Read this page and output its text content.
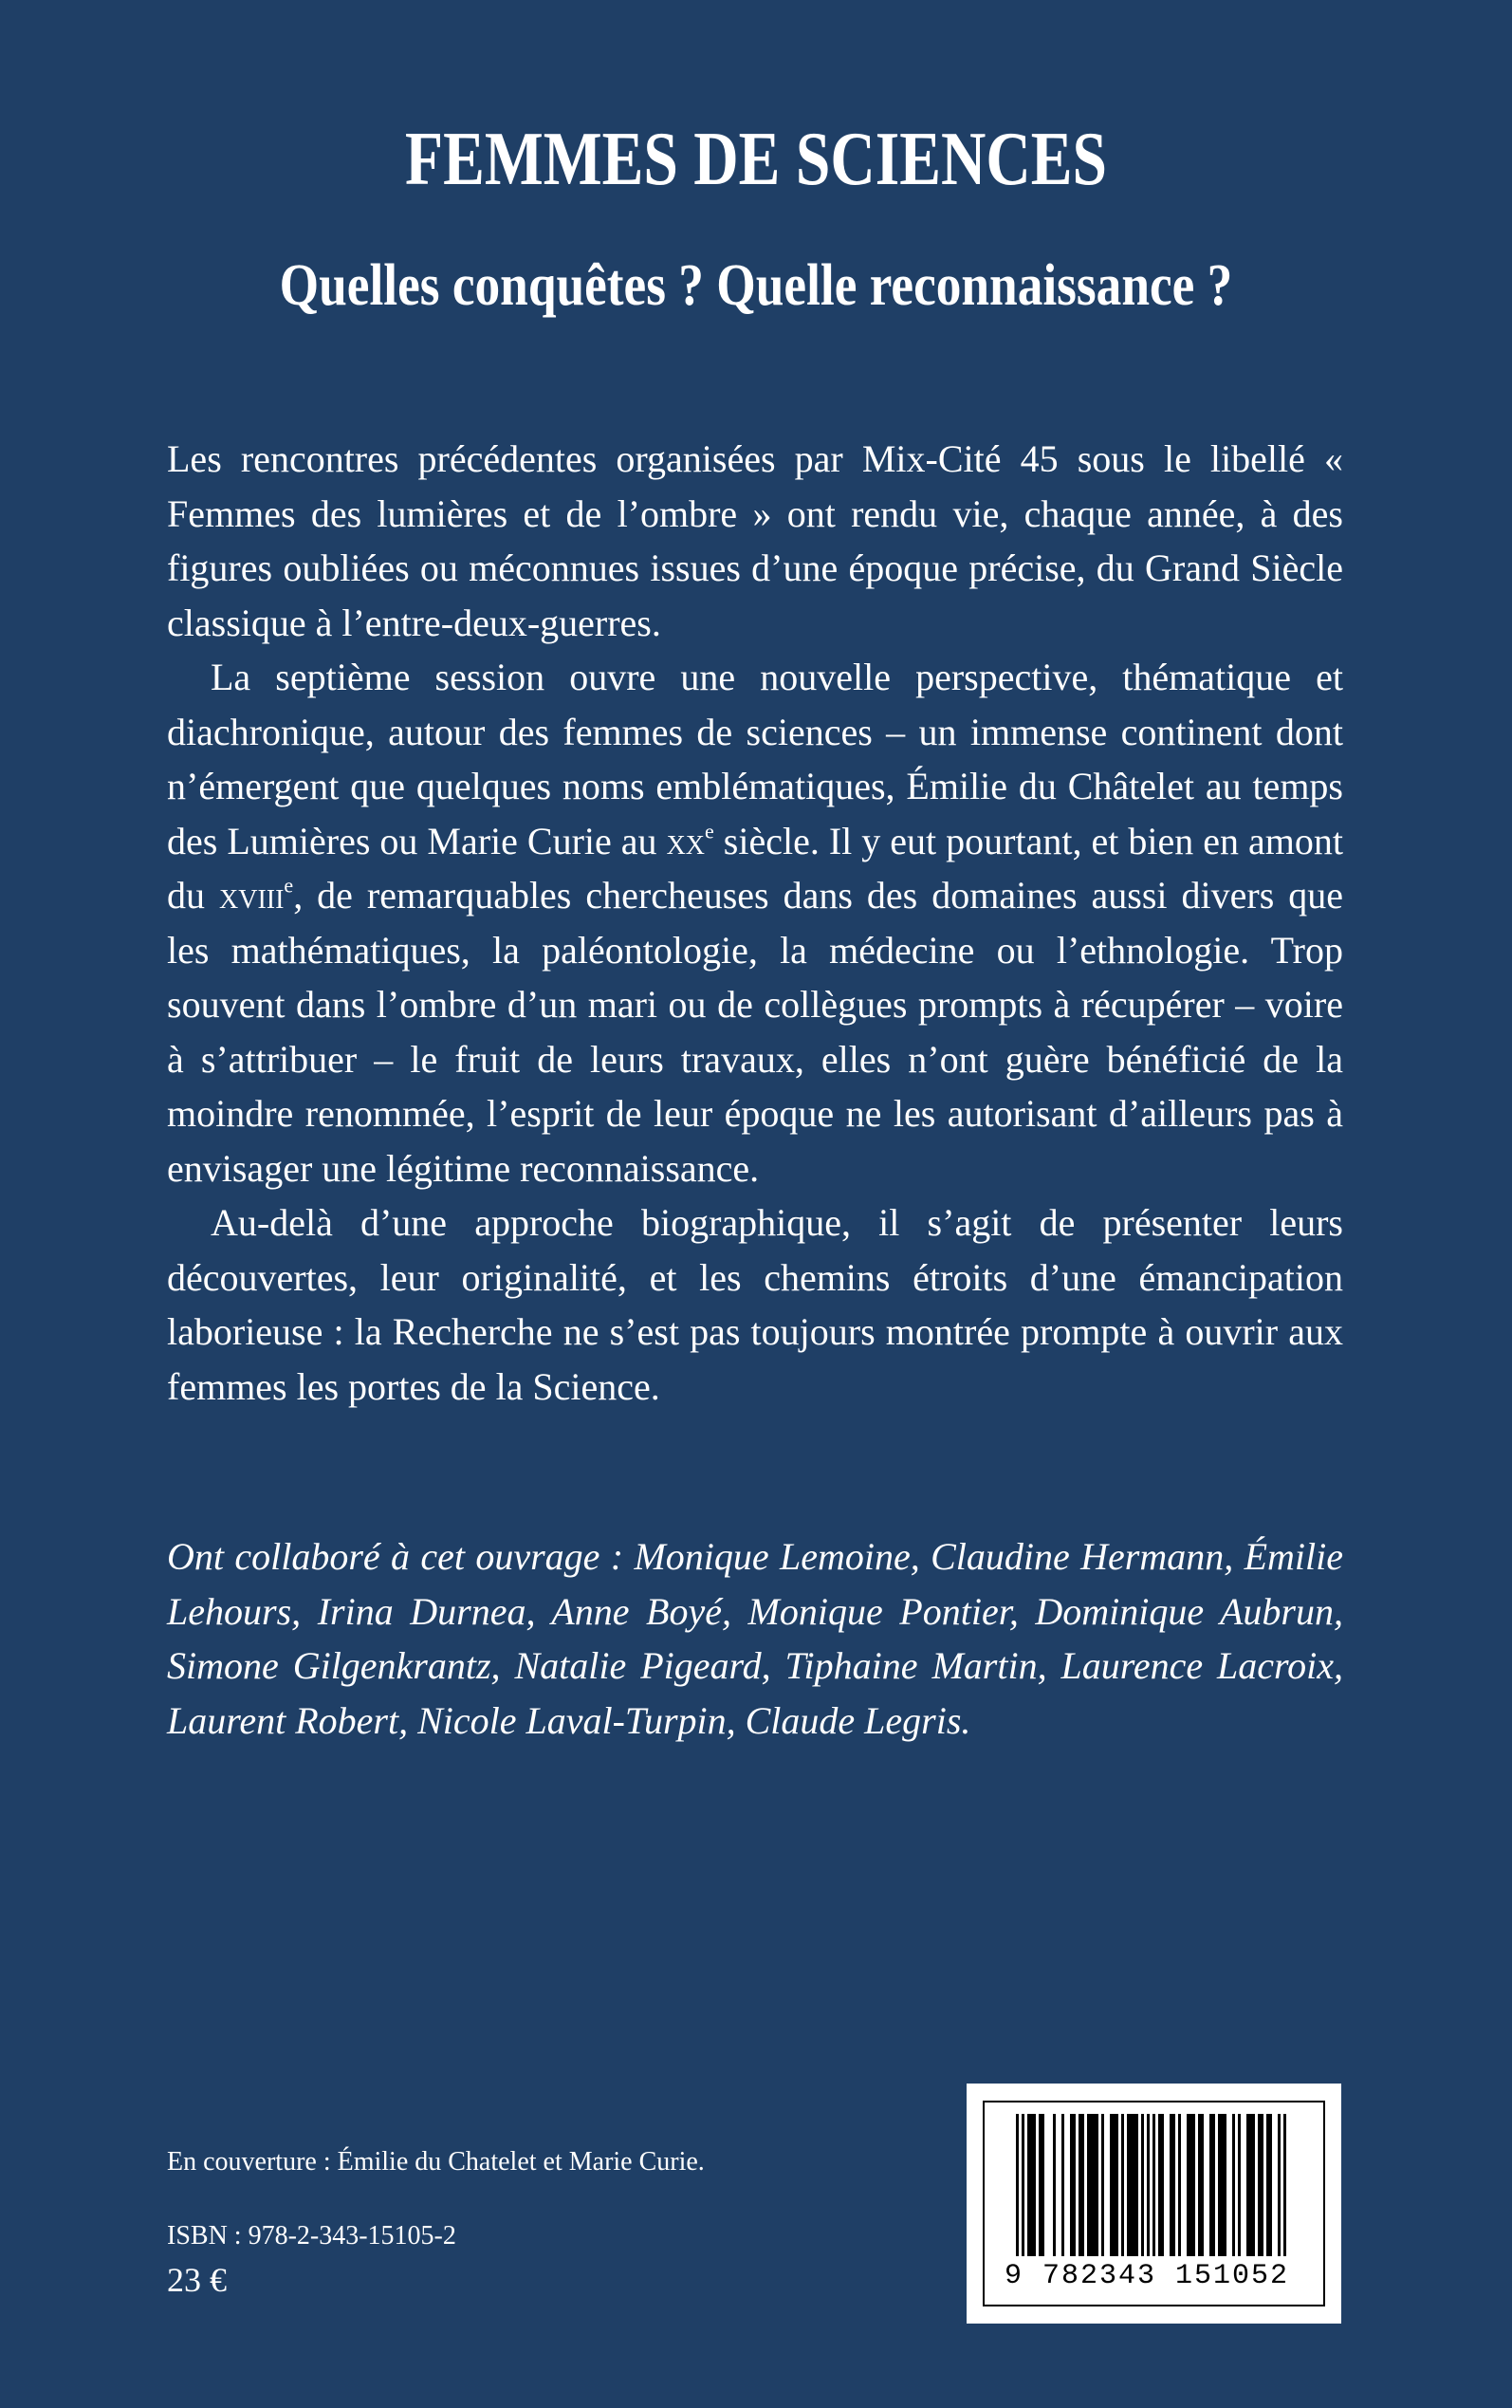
FEMMES DE SCIENCES
Quelles conquêtes ? Quelle reconnaissance ?

Les rencontres précédentes organisées par Mix-Cité 45 sous le libellé « Femmes des lumières et de l’ombre » ont rendu vie, chaque année, à des figures oubliées ou méconnues issues d’une époque précise, du Grand Siècle classique à l’entre-deux-guerres.

La septième session ouvre une nouvelle perspective, thématique et diachronique, autour des femmes de sciences – un immense continent dont n’émergent que quelques noms emblématiques, Émilie du Châtelet au temps des Lumières ou Marie Curie au $xx^e$ siècle. Il y eut pourtant, et bien en amont du xviii$^e$, de remarquables chercheuses dans des domaines aussi divers que les mathématiques, la paléontologie, la médecine ou l’ethnologie. Trop souvent dans l’ombre d’un mari ou de collègues prompts à récupérer – voire à s’attribuer – le fruit de leurs travaux, elles n’ont guère bénéficié de la moindre renommée, l’esprit de leur époque ne les autorisant d’ailleurs pas à envisager une légitime reconnaissance.

Au-delà d’une approche biographique, il s’agit de présenter leurs découvertes, leur originalité, et les chemins étroits d’une émancipation laborieuse : la Recherche ne s’est pas toujours montrée prompte à ouvrir aux femmes les portes de la Science.

Ont collaboré à cet ouvrage : Monique Lemoine, Claudine Hermann, Émilie Lehours, Irina Durnea, Anne Boyé, Monique Pontier, Dominique Aubrun, Simone Gilgenkrantz, Natalie Pigeard, Tiphaine Martin, Laurence Lacroix, Laurent Robert, Nicole Laval-Turpin, Claude Legris.
En couverture : Émilie du Chatelet et Marie Curie.
ISBN : 978-2-343-15105-2
23 €	9 782343 151052
